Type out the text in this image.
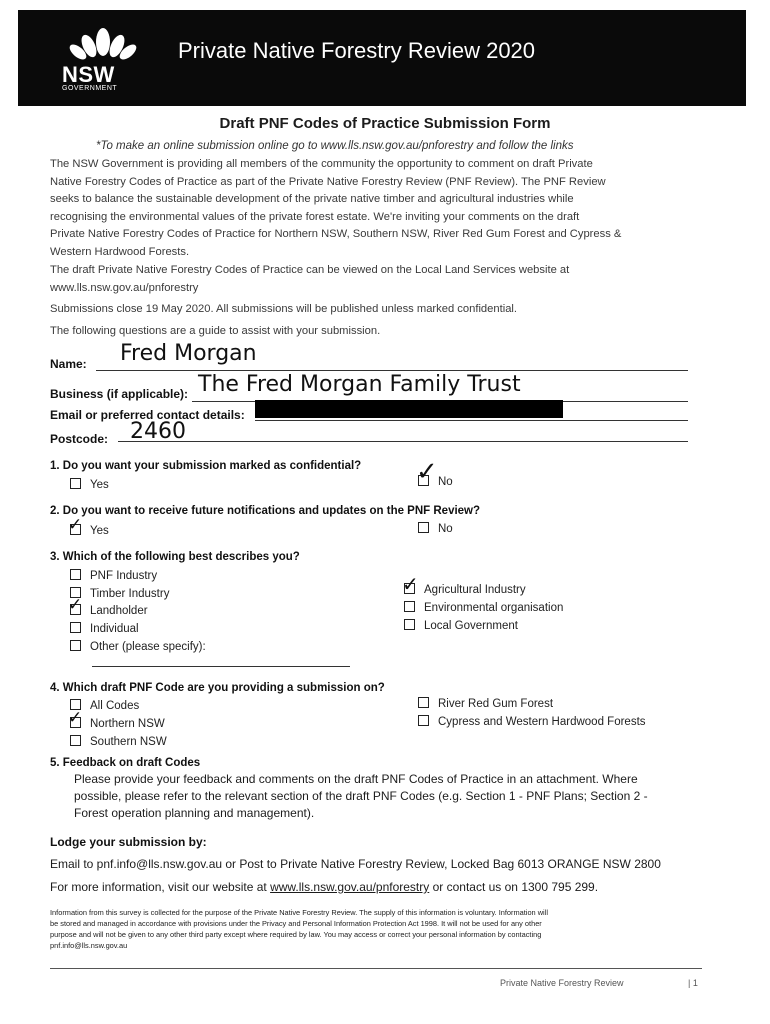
NSW
GOVERNMENT
Private Native Forestry Review 2020
Draft PNF Codes of Practice Submission Form
*To make an online submission online go to www.lls.nsw.gov.au/pnforestry and follow the links
The NSW Government is providing all members of the community the opportunity to comment on draft Private
Native Forestry Codes of Practice as part of the Private Native Forestry Review (PNF Review). The PNF Review
seeks to balance the sustainable development of the private native timber and agricultural industries while
recognising the environmental values of the private forest estate. We're inviting your comments on the draft
Private Native Forestry Codes of Practice for Northern NSW, Southern NSW, River Red Gum Forest and Cypress &
Western Hardwood Forests.
The draft Private Native Forestry Codes of Practice can be viewed on the Local Land Services website at
www.lls.nsw.gov.au/pnforestry
Submissions close 19 May 2020. All submissions will be published unless marked confidential.
The following questions are a guide to assist with your submission.
Name: Fred Morgan
Business (if applicable): The Fred Morgan Family Trust
Email or preferred contact details:
Postcode: 2460
1. Do you want your submission marked as confidential?
Yes	✓ No
2. Do you want to receive future notifications and updates on the PNF Review?
✓ Yes	No
3. Which of the following best describes you?
PNF Industry
Timber Industry
✓ Landholder
Individual
Other (please specify):
✓ Agricultural Industry
Environmental organisation
Local Government
4. Which draft PNF Code are you providing a submission on?
All Codes
✓ Northern NSW
Southern NSW
River Red Gum Forest
Cypress and Western Hardwood Forests
5. Feedback on draft Codes
Please provide your feedback and comments on the draft PNF Codes of Practice in an attachment. Where
possible, please refer to the relevant section of the draft PNF Codes (e.g. Section 1 - PNF Plans; Section 2 -
Forest operation planning and management).
Lodge your submission by:
Email to pnf.info@lls.nsw.gov.au or Post to Private Native Forestry Review, Locked Bag 6013 ORANGE NSW 2800
For more information, visit our website at www.lls.nsw.gov.au/pnforestry or contact us on 1300 795 299.
Information from this survey is collected for the purpose of the Private Native Forestry Review. The supply of this information is voluntary. Information will
be stored and managed in accordance with provisions under the Privacy and Personal Information Protection Act 1998. It will not be used for any other
purpose and will not be given to any other third party except where required by law. You may access or correct your personal information by contacting
pnf.info@lls.nsw.gov.au
Private Native Forestry Review	| 1
